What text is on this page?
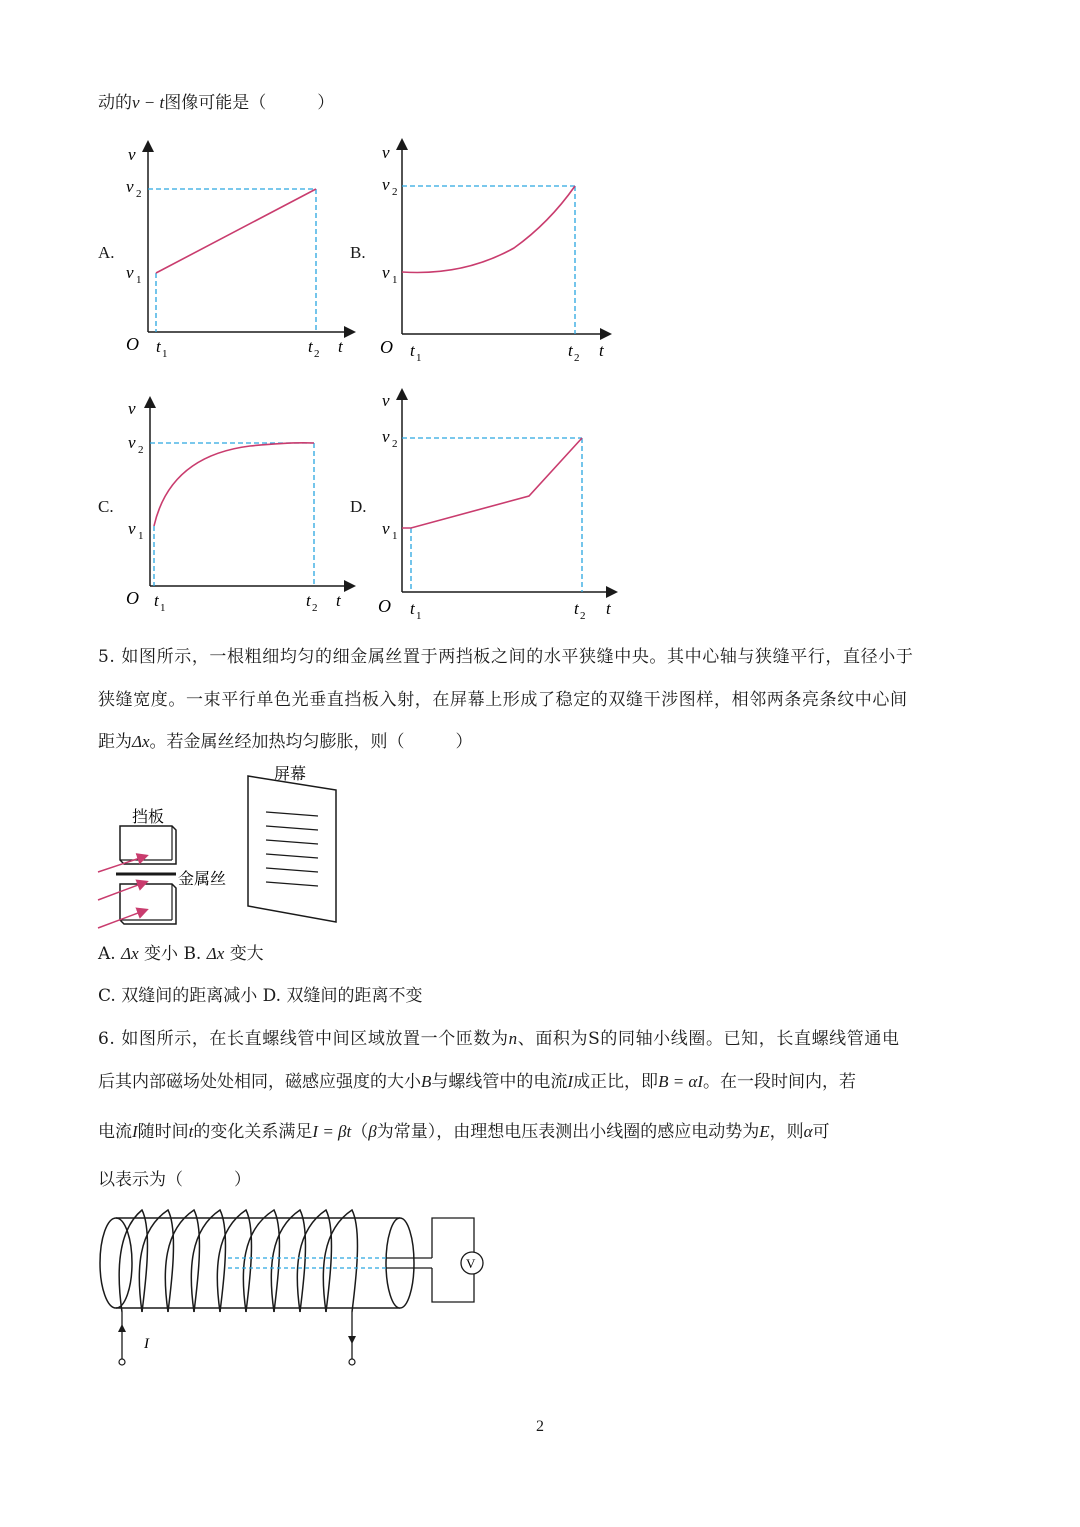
动的v − t图像可能是（　　　）
A.	B.
C.	D.
v
v 2
v 1
O t 1	t 2 t
v
v 2
v 1
O t 1	t 2 t
v
v 2
v 1
O t 1	t 2 t
v
v 2
v 1
O t 1	t 2 t
5. 如图所示，一根粗细均匀的细金属丝置于两挡板之间的水平狭缝中央。其中心轴与狭缝平行，直径小于
狭缝宽度。一束平行单色光垂直挡板入射，在屏幕上形成了稳定的双缝干涉图样，相邻两条亮条纹中心间
距为Δx。若金属丝经加热均匀膨胀，则（　　　）
屏幕
挡板
金属丝
A. Δx 变小 B. Δx 变大
C. 双缝间的距离减小 D. 双缝间的距离不变
6. 如图所示，在长直螺线管中间区域放置一个匝数为n、面积为S的同轴小线圈。已知，长直螺线管通电
后其内部磁场处处相同，磁感应强度的大小B与螺线管中的电流I成正比，即B = αI。在一段时间内，若
电流I随时间t的变化关系满足I = βt（β为常量），由理想电压表测出小线圈的感应电动势为E，则α可
以表示为（　　　）
V
I
2
